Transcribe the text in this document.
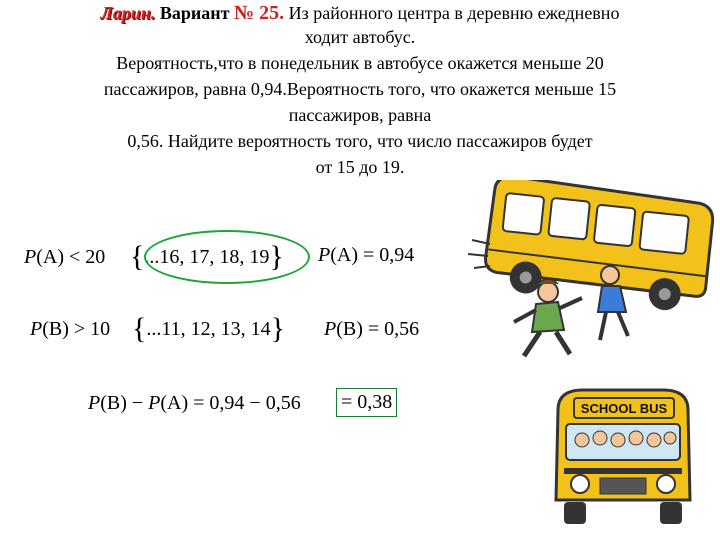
Ларин. Вариант № 25. Из районного центра в деревню ежедневно
ходит автобус.
Вероятность,что в понедельник в автобусе окажется меньше 20
пассажиров, равна 0,94.Вероятность того, что окажется меньше 15
пассажиров, равна
0,56. Найдите вероятность того, что число пассажиров будет
от 15 до 19.
P(A) < 20 {...16, 17, 18, 19} P(A) = 0,94
P(B) > 10 {...11, 12, 13, 14} P(B) = 0,56
P(B) − P(A) = 0,94 − 0,56 = 0,38	SCHOOL BUS
